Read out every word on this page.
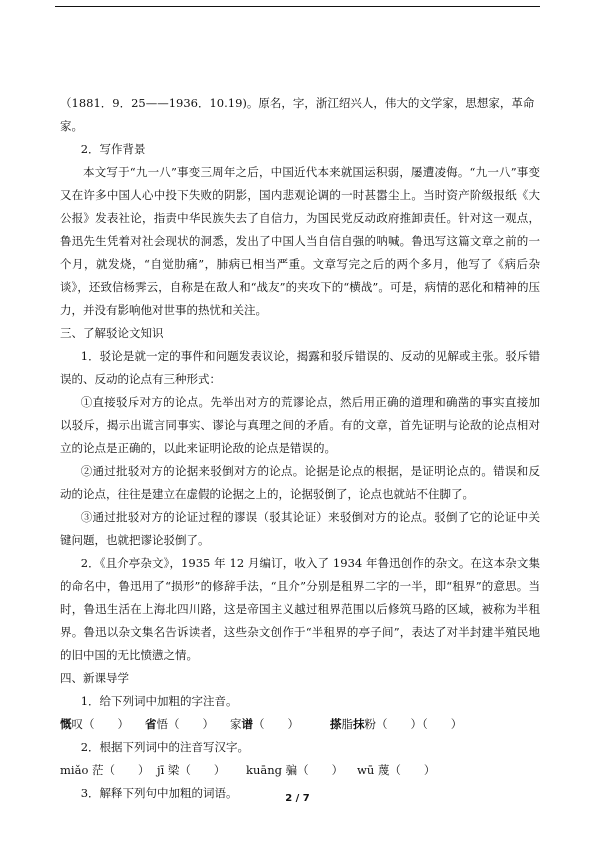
（1881．9．25——1936．10.19)。原名，字，浙江绍兴人，伟大的文学家，思想家，革命

家。

2．写作背景

本文写于“九一八”事变三周年之后，中国近代本来就国运积弱，屡遭凌侮。“九一八”事变又在许多中国人心中投下失败的阴影，国内悲观论调的一时甚嚣尘上。当时资产阶级报纸《大公报》发表社论，指责中华民族失去了自信力，为国民党反动政府推卸责任。针对这一观点，鲁迅先生凭着对社会现状的洞悉，发出了中国人当自信自强的呐喊。鲁迅写这篇文章之前的一个月，就发烧，“自觉肋痛”，肺病已相当严重。文章写完之后的两个多月，他写了《病后杂谈》，还致信杨霁云，自称是在敌人和“战友”的夹攻下的“横战”。可是，病情的恶化和精神的压力，并没有影响他对世事的热忧和关注。

三、了解驳论文知识

1．驳论是就一定的事件和问题发表议论，揭露和驳斥错误的、反动的见解或主张。驳斥错误的、反动的论点有三种形式：

①直接驳斥对方的论点。先举出对方的荒谬论点，然后用正确的道理和确凿的事实直接加以驳斥，揭示出谎言同事实、谬论与真理之间的矛盾。有的文章，首先证明与论敌的论点相对立的论点是正确的，以此来证明论敌的论点是错误的。

②通过批驳对方的论据来驳倒对方的论点。论据是论点的根据，是证明论点的。错误和反动的论点，往往是建立在虚假的论据之上的，论据驳倒了，论点也就站不住脚了。

③通过批驳对方的论证过程的谬误（驳其论证）来驳倒对方的论点。驳倒了它的论证中关键问题，也就把谬论驳倒了。

2．《且介亭杂文》，1935 年 12 月编订，收入了 1934 年鲁迅创作的杂文。在这本杂文集的命名中，鲁迅用了“损形”的修辞手法，“且介”分别是租界二字的一半，即“租界”的意思。当时，鲁迅生活在上海北四川路，这是帝国主义越过租界范围以后修筑马路的区域，被称为半租界。鲁迅以杂文集名告诉读者，这些杂文创作于“半租界的亭子间”，表达了对半封建半殖民地的旧中国的无比愤懑之情。

四、新课导学

1．给下列词中加粗的字注音。

慨叹（　　）	省悟（　　）	家谱（　　）	搽脂抹粉（　　）（　　）

2．根据下列词中的注音写汉字。

miǎo 茫（　　） jī 梁（　　）	kuāng 骗（　　）	wū 蔑（　　）

3．解释下列句中加粗的词语。	2 / 7
